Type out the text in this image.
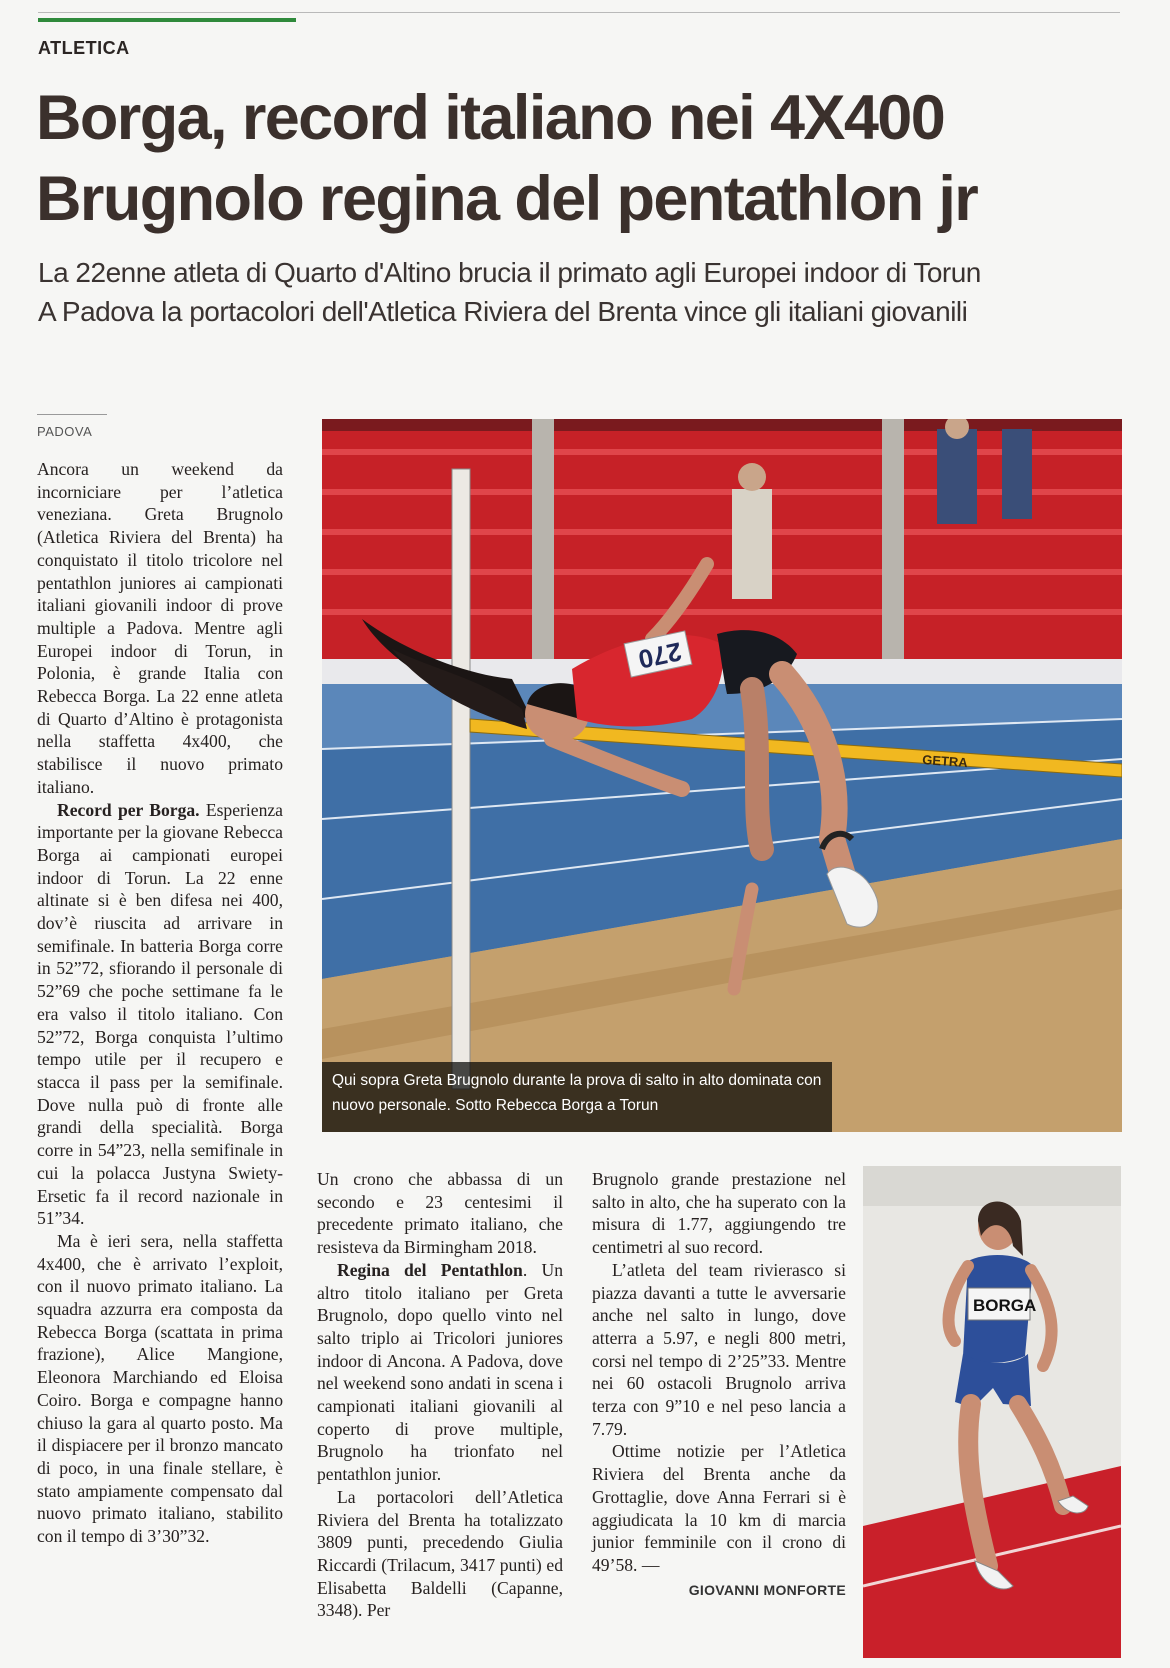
ATLETICA
Borga, record italiano nei 4X400
Brugnolo regina del pentathlon jr
La 22enne atleta di Quarto d'Altino brucia il primato agli Europei indoor di Torun
A Padova la portacolori dell'Atletica Riviera del Brenta vince gli italiani giovanili
PADOVA

Ancora un weekend da incorniciare per l’atletica veneziana. Greta Brugnolo (Atletica Riviera del Brenta) ha conquistato il titolo tricolore nel pentathlon juniores ai campionati italiani giovanili indoor di prove multiple a Padova. Mentre agli Europei indoor di Torun, in Polonia, è grande Italia con Rebecca Borga. La 22 enne atleta di Quarto d’Altino è protagonista nella staffetta 4x400, che stabilisce il nuovo primato italiano.

Record per Borga. Esperienza importante per la giovane Rebecca Borga ai campionati europei indoor di Torun. La 22 enne altinate si è ben difesa nei 400, dov’è riuscita ad arrivare in semifinale. In batteria Borga corre in 52”72, sfiorando il personale di 52”69 che poche settimane fa le era valso il titolo italiano. Con 52”72, Borga conquista l’ultimo tempo utile per il recupero e stacca il pass per la semifinale. Dove nulla può di fronte alle grandi della specialità. Borga corre in 54”23, nella semifinale in cui la polacca Justyna Swiety-Ersetic fa il record nazionale in 51”34.

Ma è ieri sera, nella staffetta 4x400, che è arrivato l’exploit, con il nuovo primato italiano. La squadra azzurra era composta da Rebecca Borga (scattata in prima frazione), Alice Mangione, Eleonora Marchiando ed Eloisa Coiro. Borga e compagne hanno chiuso la gara al quarto posto. Ma il dispiacere per il bronzo mancato di poco, in una finale stellare, è stato ampiamente compensato dal nuovo primato italiano, stabilito con il tempo di 3’30”32.

Un crono che abbassa di un secondo e 23 centesimi il precedente primato italiano, che resisteva da Birmingham 2018.

Regina del Pentathlon. Un altro titolo italiano per Greta Brugnolo, dopo quello vinto nel salto triplo ai Tricolori juniores indoor di Ancona. A Padova, dove nel weekend sono andati in scena i campionati italiani giovanili al coperto di prove multiple, Brugnolo ha trionfato nel pentathlon junior.

La portacolori dell’Atletica Riviera del Brenta ha totalizzato 3809 punti, precedendo Giulia Riccardi (Trilacum, 3417 punti) ed Elisabetta Baldelli (Capanne, 3348). Per

Brugnolo grande prestazione nel salto in alto, che ha superato con la misura di 1.77, aggiungendo tre centimetri al suo record.

L’atleta del team rivierasco si piazza davanti a tutte le avversarie anche nel salto in lungo, dove atterra a 5.97, e negli 800 metri, corsi nel tempo di 2’25”33. Mentre nei 60 ostacoli Brugnolo arriva terza con 9”10 e nel peso lancia a 7.79.

Ottime notizie per l’Atletica Riviera del Brenta anche da Grottaglie, dove Anna Ferrari si è aggiudicata la 10 km di marcia junior femminile con il crono di 49’58. —

GIOVANNI MONFORTE
GETRA
270
Qui sopra Greta Brugnolo durante la prova di salto in alto dominata con nuovo personale. Sotto Rebecca Borga a Torun
BORGA
